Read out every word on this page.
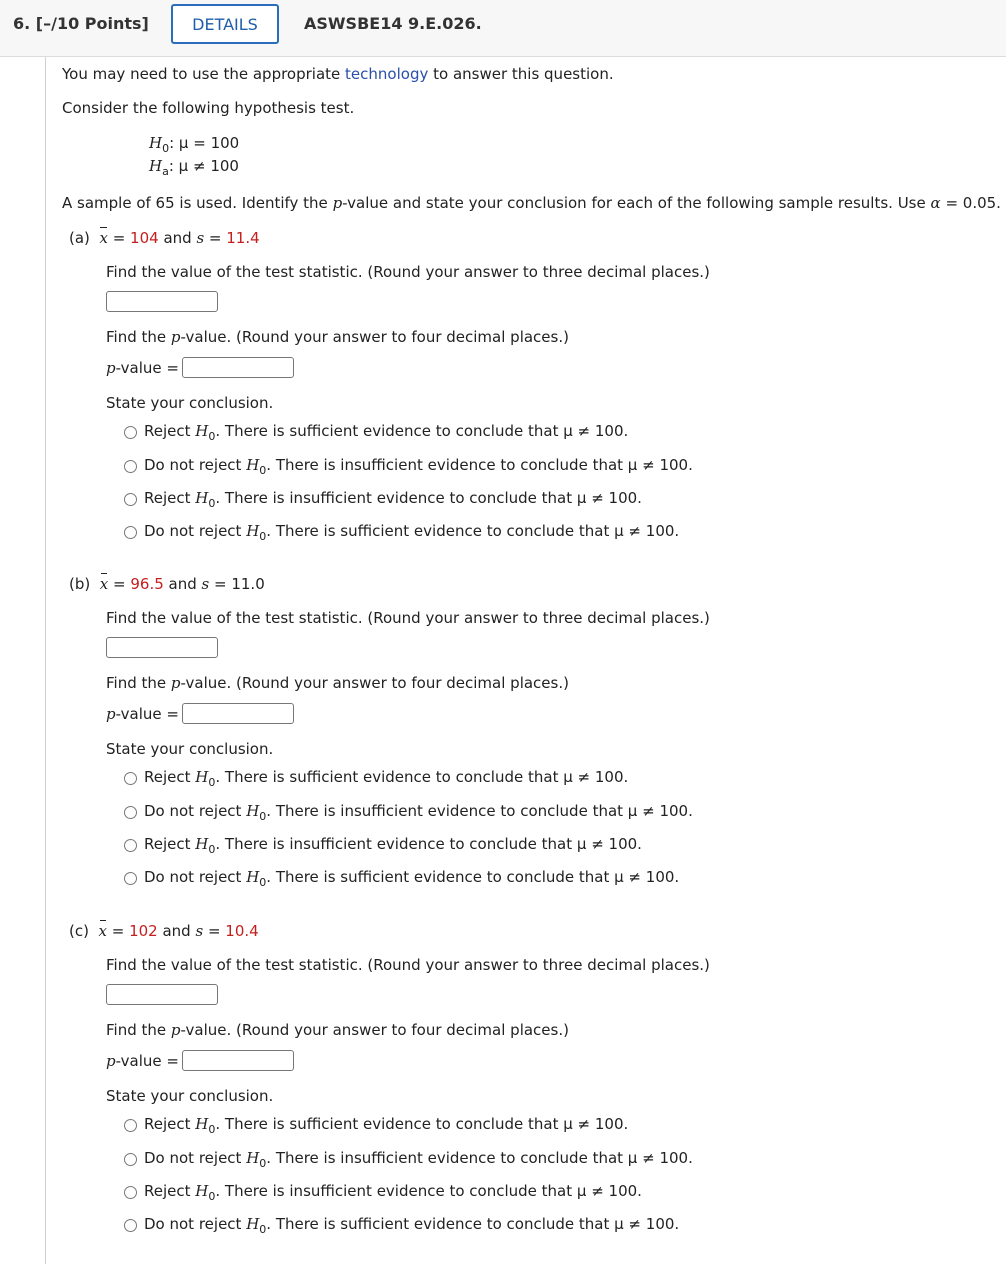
6. [–/10 Points]	DETAILS	ASWSBE14 9.E.026.
You may need to use the appropriate technology to answer this question.
Consider the following hypothesis test.
$H_0$: μ = 100
$H_a$: μ ≠ 100
A sample of 65 is used. Identify the p-value and state your conclusion for each of the following sample results. Use α = 0.05.
(a) x = 104 and s = 11.4
Find the value of the test statistic. (Round your answer to three decimal places.)
Find the p-value. (Round your answer to four decimal places.)
p-value =
State your conclusion.
Reject $H_0$. There is sufficient evidence to conclude that μ ≠ 100.
Do not reject $H_0$. There is insufficient evidence to conclude that μ ≠ 100.
Reject $H_0$. There is insufficient evidence to conclude that μ ≠ 100.
Do not reject $H_0$. There is sufficient evidence to conclude that μ ≠ 100.
(b) x = 96.5 and s = 11.0
Find the value of the test statistic. (Round your answer to three decimal places.)
Find the p-value. (Round your answer to four decimal places.)
p-value =
State your conclusion.
Reject $H_0$. There is sufficient evidence to conclude that μ ≠ 100.
Do not reject $H_0$. There is insufficient evidence to conclude that μ ≠ 100.
Reject $H_0$. There is insufficient evidence to conclude that μ ≠ 100.
Do not reject $H_0$. There is sufficient evidence to conclude that μ ≠ 100.
(c) x = 102 and s = 10.4
Find the value of the test statistic. (Round your answer to three decimal places.)
Find the p-value. (Round your answer to four decimal places.)
p-value =
State your conclusion.
Reject $H_0$. There is sufficient evidence to conclude that μ ≠ 100.
Do not reject $H_0$. There is insufficient evidence to conclude that μ ≠ 100.
Reject $H_0$. There is insufficient evidence to conclude that μ ≠ 100.
Do not reject $H_0$. There is sufficient evidence to conclude that μ ≠ 100.
